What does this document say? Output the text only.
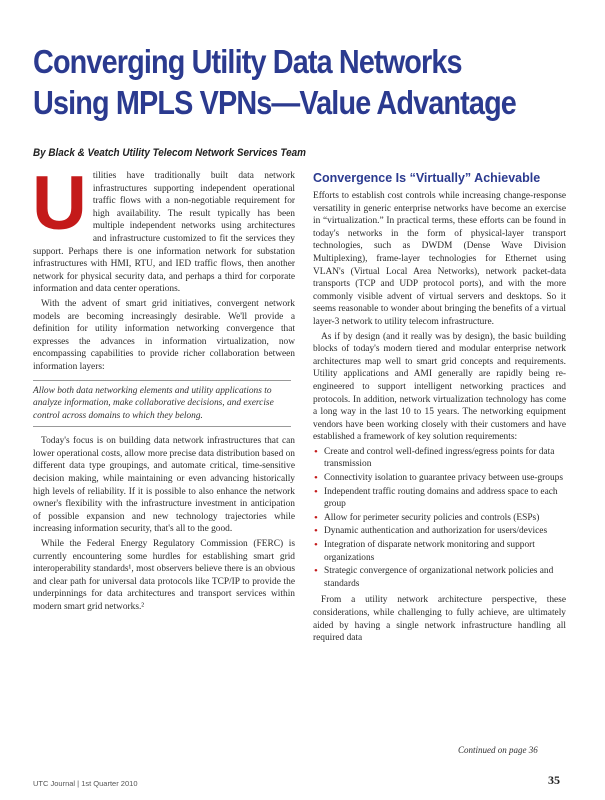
Converging Utility Data Networks
Using MPLS VPNs—Value Advantage
By Black & Veatch Utility Telecom Network Services Team
U tilities have traditionally built data network infrastructures supporting independent operational traffic flows with a non-negotiable requirement for high availability. The result typically has been multiple independent networks using architectures and infrastructure customized to fit the services they support. Perhaps there is one information network for substation infrastructures with HMI, RTU, and IED traffic flows, then another network for physical security data, and perhaps a third for corporate information and data center operations.

With the advent of smart grid initiatives, convergent network models are becoming increasingly desirable. We'll provide a definition for utility information networking convergence that expresses the advances in information virtualization, now encompassing capabilities to provide richer collaboration between information layers:

Allow both data networking elements and utility applications to analyze information, make collaborative decisions, and exercise control across domains to which they belong.

Today's focus is on building data network infrastructures that can lower operational costs, allow more precise data distribution based on different data type groupings, and automate critical, time-sensitive decision making, while maintaining or even advancing historically high levels of reliability. If it is possible to also enhance the network owner's flexibility with the infrastructure investment in anticipation of possible expansion and new technology trajectories while increasing information security, that's all to the good.

While the Federal Energy Regulatory Commission (FERC) is currently encountering some hurdles for establishing smart grid interoperability standards¹, most observers believe there is an obvious and clear path for universal data protocols like TCP/IP to provide the underpinnings for data architectures and transport services within modern smart grid networks.²

Convergence Is “Virtually” Achievable

Efforts to establish cost controls while increasing change-response versatility in generic enterprise networks have become an exercise in “virtualization.” In practical terms, these efforts can be found in today's networks in the form of physical-layer transport technologies, such as DWDM (Dense Wave Division Multiplexing), frame-layer technologies for Ethernet using VLAN's (Virtual Local Area Networks), network packet-data transports (TCP and UDP protocol ports), and with the more commonly visible advent of virtual servers and desktops. So it seems reasonable to wonder about bringing the benefits of a virtual layer-3 network to utility telecom infrastructure.

As if by design (and it really was by design), the basic building blocks of today's modern tiered and modular enterprise network architectures map well to smart grid concepts and requirements. Utility applications and AMI generally are rapidly being re-engineered to support intelligent networking practices and protocols. In addition, network virtualization technology has come a long way in the last 10 to 15 years. The networking equipment vendors have been working closely with their customers and have established a framework of key solution requirements:

• Create and control well-defined ingress/egress points for data transmission
• Connectivity isolation to guarantee privacy between use-groups
• Independent traffic routing domains and address space to each group
• Allow for perimeter security policies and controls (ESPs)
• Dynamic authentication and authorization for users/devices
• Integration of disparate network monitoring and support organizations
• Strategic convergence of organizational network policies and standards

From a utility network architecture perspective, these considerations, while challenging to fully achieve, are ultimately aided by having a single network infrastructure handling all required data

Continued on page 36
UTC Journal | 1st Quarter 2010	35
